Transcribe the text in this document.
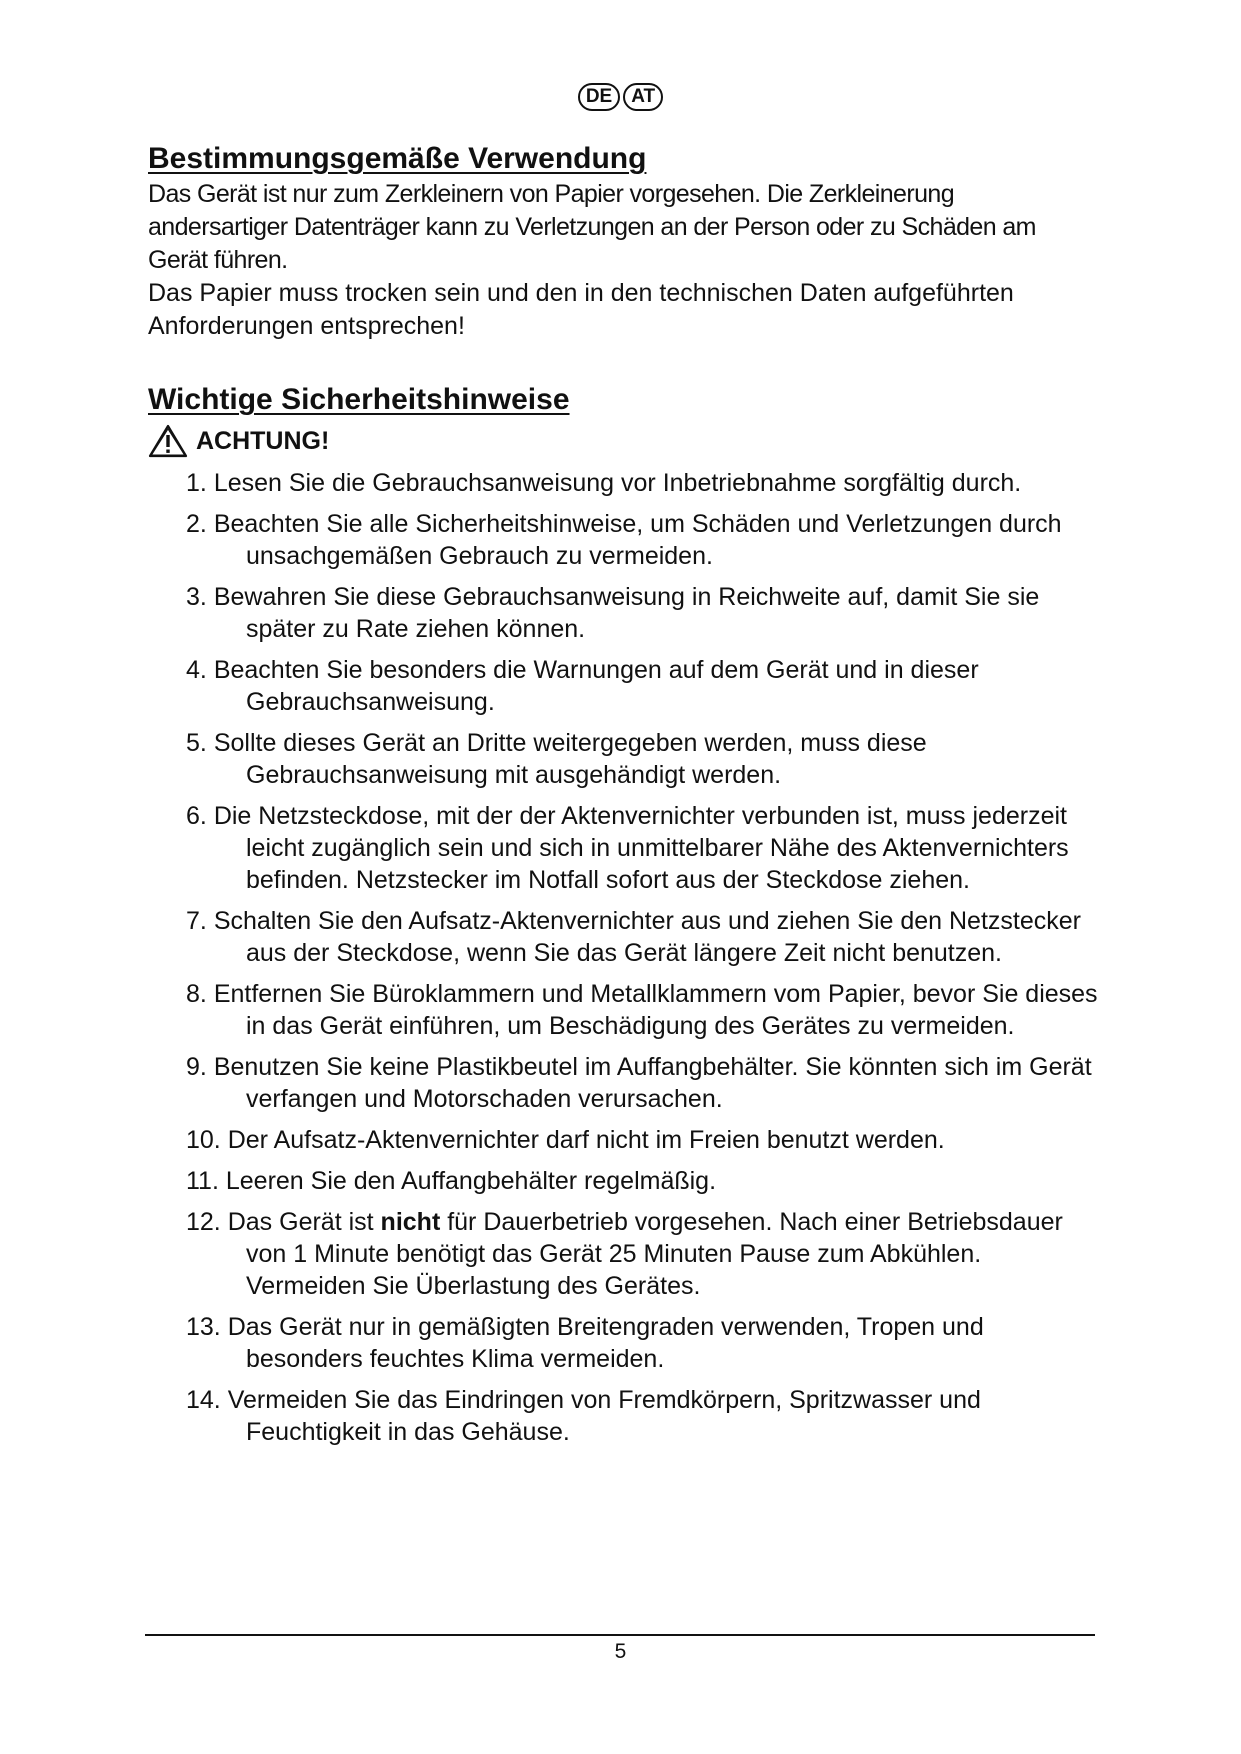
DE	AT
Bestimmungsgemäße Verwendung

Das Gerät ist nur zum Zerkleinern von Papier vorgesehen. Die Zerkleinerung andersartiger Datenträger kann zu Verletzungen an der Person oder zu Schäden am Gerät führen.

Das Papier muss trocken sein und den in den technischen Daten aufgeführten Anforderungen entsprechen!

Wichtige Sicherheitshinweise
ACHTUNG!
1. Lesen Sie die Gebrauchsanweisung vor Inbetriebnahme sorgfältig durch.
2. Beachten Sie alle Sicherheitshinweise, um Schäden und Verletzungen durch unsachgemäßen Gebrauch zu vermeiden.
3. Bewahren Sie diese Gebrauchsanweisung in Reichweite auf, damit Sie sie später zu Rate ziehen können.
4. Beachten Sie besonders die Warnungen auf dem Gerät und in dieser Gebrauchsanweisung.
5. Sollte dieses Gerät an Dritte weitergegeben werden, muss diese Gebrauchsanweisung mit ausgehändigt werden.
6. Die Netzsteckdose, mit der der Aktenvernichter verbunden ist, muss jederzeit leicht zugänglich sein und sich in unmittelbarer Nähe des Aktenvernichters befinden. Netzstecker im Notfall sofort aus der Steckdose ziehen.
7. Schalten Sie den Aufsatz-Aktenvernichter aus und ziehen Sie den Netzstecker aus der Steckdose, wenn Sie das Gerät längere Zeit nicht benutzen.
8. Entfernen Sie Büroklammern und Metallklammern vom Papier, bevor Sie dieses in das Gerät einführen, um Beschädigung des Gerätes zu vermeiden.
9. Benutzen Sie keine Plastikbeutel im Auffangbehälter. Sie könnten sich im Gerät verfangen und Motorschaden verursachen.
10. Der Aufsatz-Aktenvernichter darf nicht im Freien benutzt werden.
11. Leeren Sie den Auffangbehälter regelmäßig.
12. Das Gerät ist nicht für Dauerbetrieb vorgesehen. Nach einer Betriebsdauer von 1 Minute benötigt das Gerät 25 Minuten Pause zum Abkühlen. Vermeiden Sie Überlastung des Gerätes.
13. Das Gerät nur in gemäßigten Breitengraden verwenden, Tropen und besonders feuchtes Klima vermeiden.
14. Vermeiden Sie das Eindringen von Fremdkörpern, Spritzwasser und Feuchtigkeit in das Gehäuse.
5
